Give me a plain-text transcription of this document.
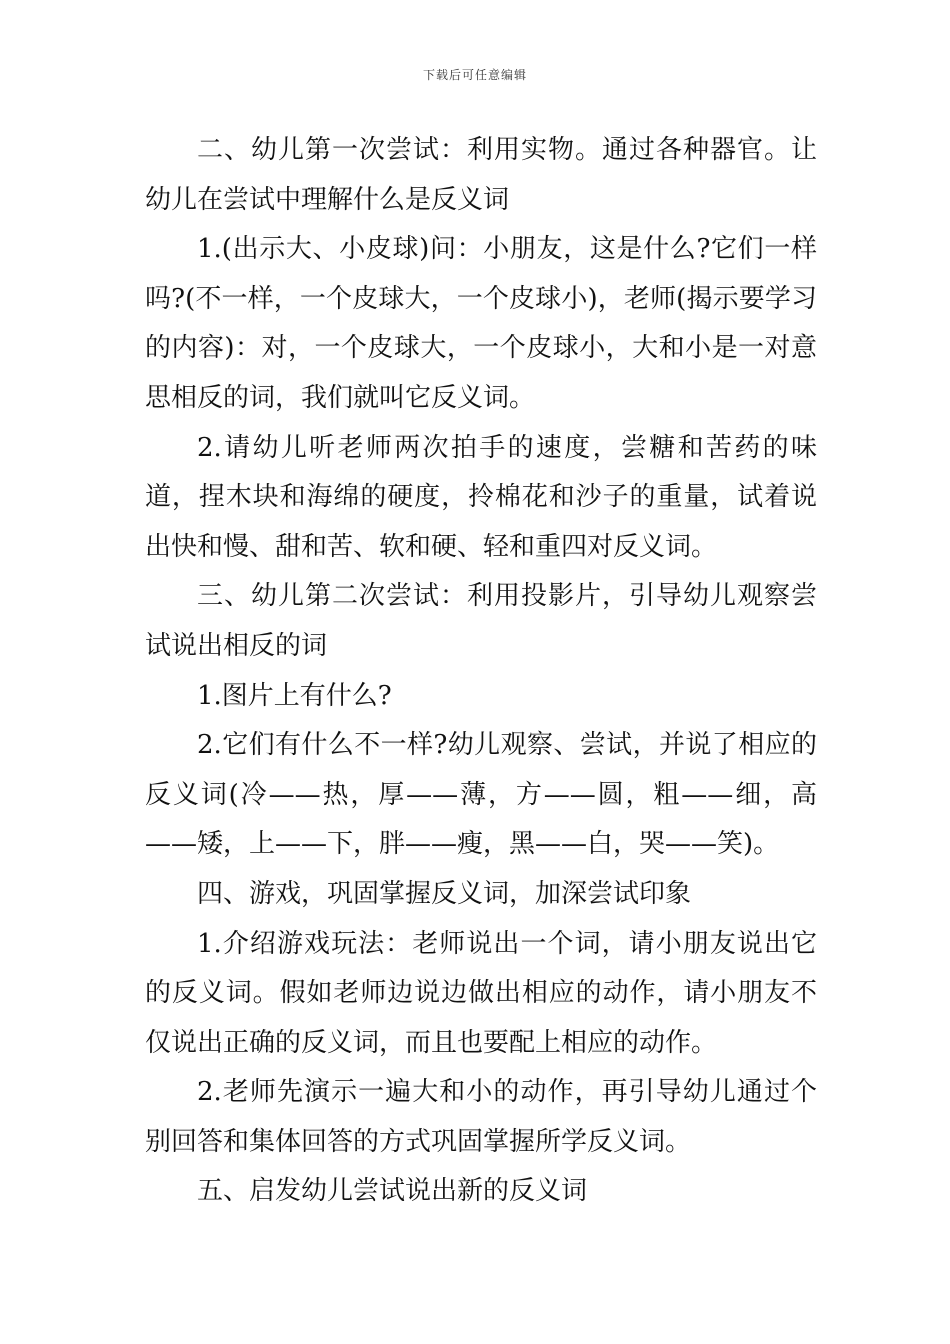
下载后可任意编辑

二、幼儿第一次尝试：利用实物。通过各种器官。让幼儿在尝试中理解什么是反义词

1.(出示大、小皮球)问：小朋友，这是什么?它们一样吗?(不一样，一个皮球大，一个皮球小)，老师(揭示要学习的内容)：对，一个皮球大，一个皮球小，大和小是一对意思相反的词，我们就叫它反义词。

2.请幼儿听老师两次拍手的速度，尝糖和苦药的味道，捏木块和海绵的硬度，拎棉花和沙子的重量，试着说出快和慢、甜和苦、软和硬、轻和重四对反义词。

三、幼儿第二次尝试：利用投影片，引导幼儿观察尝试说出相反的词

1.图片上有什么?

2.它们有什么不一样?幼儿观察、尝试，并说了相应的反义词(冷——热，厚——薄，方——圆，粗——细，高——矮，上——下，胖——瘦，黑——白，哭——笑)。

四、游戏，巩固掌握反义词，加深尝试印象

1.介绍游戏玩法：老师说出一个词，请小朋友说出它的反义词。假如老师边说边做出相应的动作，请小朋友不仅说出正确的反义词，而且也要配上相应的动作。

2.老师先演示一遍大和小的动作，再引导幼儿通过个别回答和集体回答的方式巩固掌握所学反义词。

五、启发幼儿尝试说出新的反义词
